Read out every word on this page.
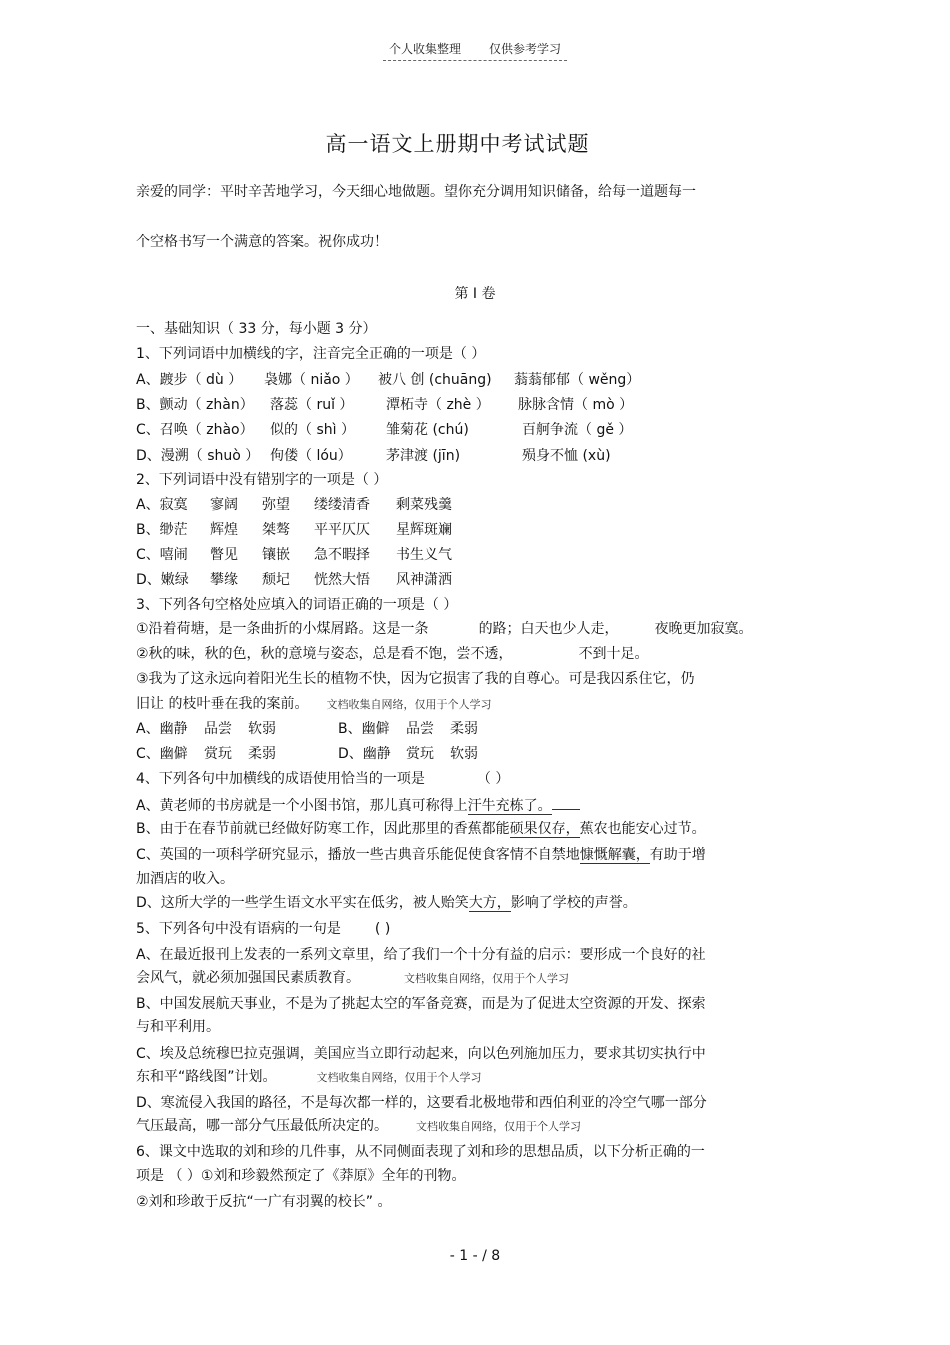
个人收集整理 仅供参考学习
高一语文上册期中考试试题
亲爱的同学：平时辛苦地学习，今天细心地做题。望你充分调用知识储备，给每一道题每一
个空格书写一个满意的答案。祝你成功！
第 I 卷
一、基础知识（ 33 分，每小题 3 分）
1、下列词语中加横线的字，注音完全正确的一项是（ ）
A、踱步（ dù ） 袅娜（ niǎo ） 被八 创 (chuāng) 蓊蓊郁郁（ wěng）
B、颤动（ zhàn）落蕊（ ruǐ ） 潭柘寺（ zhè ） 脉脉含情（ mò ）
C、召唤（ zhào） 似的（ shì ） 雏菊花 (chú)	百舸争流（ gě ）
D、漫溯（ shuò ） 佝偻（ lóu） 茅津渡 (jīn)	殒身不恤 (xù)
2、下列词语中没有错别字的一项是（ ）
A、寂寞 寥阔 弥望 缕缕清香 剩菜残羹
B、缈茫 辉煌 桀骜 平平仄仄 星辉斑斓
C、嘻闹 瞥见 镶嵌 急不暇择 书生义气
D、嫩绿 攀缘 颓圮 恍然大悟 风神潇洒
3、下列各句空格处应填入的词语正确的一项是（ ）
①沿着荷塘，是一条曲折的小煤屑路。这是一条	的路；白天也少人走，	夜晚更加寂寞。
②秋的味，秋的色，秋的意境与姿态，总是看不饱，尝不透，	不到十足。
③我为了这永远向着阳光生长的植物不快，因为它损害了我的自尊心。可是我囚系住它，仍
旧让 的枝叶垂在我的案前。 文档收集自网络，仅用于个人学习
A、幽静 品尝 软弱	B、幽僻 品尝 柔弱
C、幽僻 赏玩 柔弱	D、幽静 赏玩 软弱
4、下列各句中加横线的成语使用恰当的一项是	（ ）
A、黄老师的书房就是一个小图书馆，那儿真可称得上汗牛充栋了。
B、由于在春节前就已经做好防寒工作，因此那里的香蕉都能硕果仅存，蕉农也能安心过节。
C、英国的一项科学研究显示，播放一些古典音乐能促使食客情不自禁地慷慨解囊，有助于增
加酒店的收入。
D、这所大学的一些学生语文水平实在低劣，被人贻笑大方，影响了学校的声誉。
5、下列各句中没有语病的一句是 ( )
A、在最近报刊上发表的一系列文章里，给了我们一个十分有益的启示：要形成一个良好的社
会风气，就必须加强国民素质教育。	文档收集自网络，仅用于个人学习
B、中国发展航天事业，不是为了挑起太空的军备竞赛，而是为了促进太空资源的开发、探索
与和平利用。
C、埃及总统穆巴拉克强调，美国应当立即行动起来，向以色列施加压力，要求其切实执行中
东和平“路线图”计划。	文档收集自网络，仅用于个人学习
D、寒流侵入我国的路径，不是每次都一样的，这要看北极地带和西伯利亚的冷空气哪一部分
气压最高，哪一部分气压最低所决定的。	文档收集自网络，仅用于个人学习
6、课文中选取的刘和珍的几件事，从不同侧面表现了刘和珍的思想品质，以下分析正确的一
项是 （ ）①刘和珍毅然预定了《莽原》全年的刊物。
②刘和珍敢于反抗“一广有羽翼的校长” 。
- 1 - / 8
